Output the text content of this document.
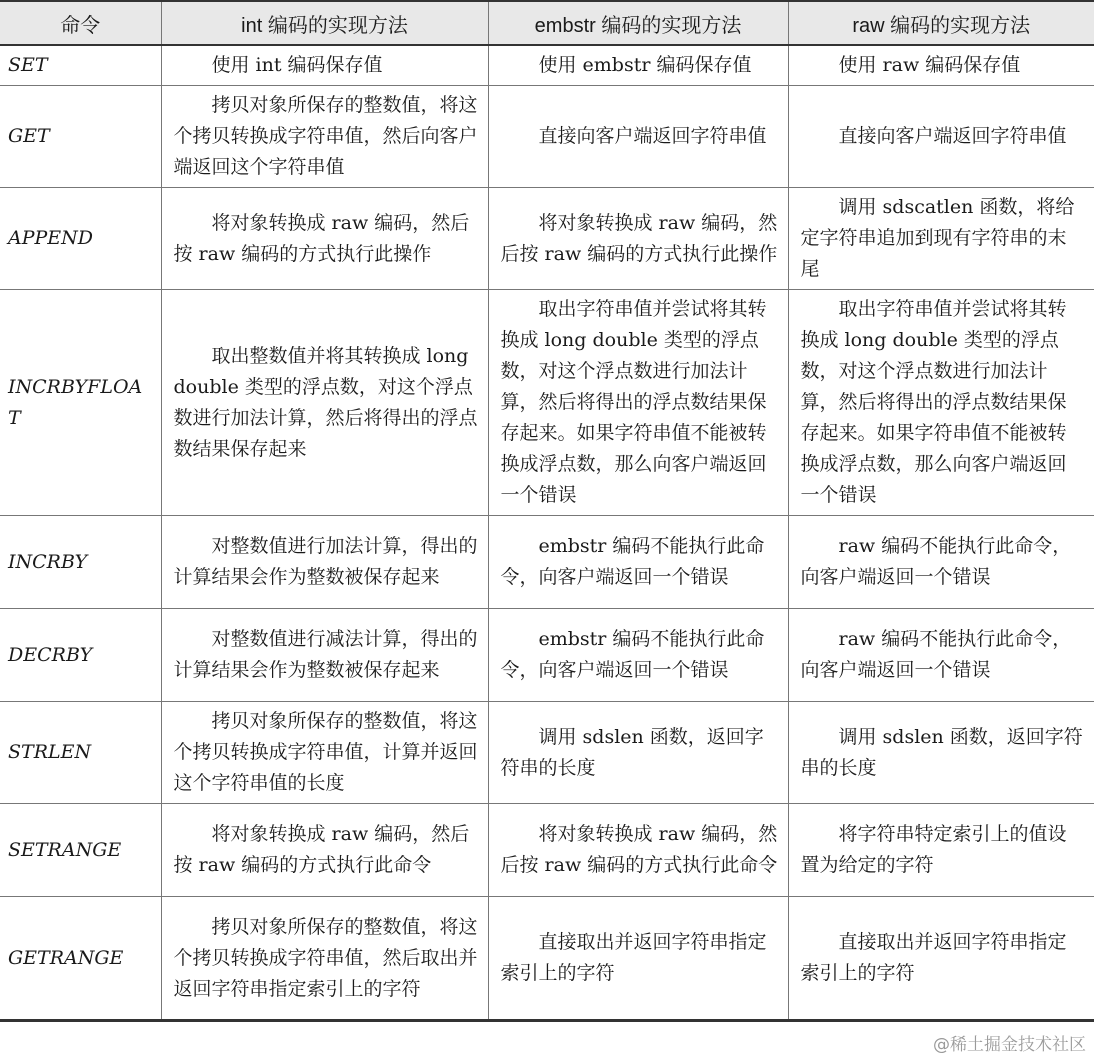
命令	int 编码的实现方法	embstr 编码的实现方法	raw 编码的实现方法
SET	使用 int 编码保存值	使用 embstr 编码保存值	使用 raw 编码保存值
GET	拷贝对象所保存的整数值，将这个拷贝转换成字符串值，然后向客户端返回这个字符串值	直接向客户端返回字符串值	直接向客户端返回字符串值
APPEND	将对象转换成 raw 编码，然后按 raw 编码的方式执行此操作	将对象转换成 raw 编码，然后按 raw 编码的方式执行此操作	调用 sdscatlen 函数，将给定字符串追加到现有字符串的末尾
INCRBYFLOAT	取出整数值并将其转换成 long double 类型的浮点数，对这个浮点数进行加法计算，然后将得出的浮点数结果保存起来	取出字符串值并尝试将其转换成 long double 类型的浮点数，对这个浮点数进行加法计算，然后将得出的浮点数结果保存起来。如果字符串值不能被转换成浮点数，那么向客户端返回一个错误	取出字符串值并尝试将其转换成 long double 类型的浮点数，对这个浮点数进行加法计算，然后将得出的浮点数结果保存起来。如果字符串值不能被转换成浮点数，那么向客户端返回一个错误
INCRBY	对整数值进行加法计算，得出的计算结果会作为整数被保存起来	embstr 编码不能执行此命令，向客户端返回一个错误	raw 编码不能执行此命令，向客户端返回一个错误
DECRBY	对整数值进行减法计算，得出的计算结果会作为整数被保存起来	embstr 编码不能执行此命令，向客户端返回一个错误	raw 编码不能执行此命令，向客户端返回一个错误
STRLEN	拷贝对象所保存的整数值，将这个拷贝转换成字符串值，计算并返回这个字符串值的长度	调用 sdslen 函数，返回字符串的长度	调用 sdslen 函数，返回字符串的长度
SETRANGE	将对象转换成 raw 编码，然后按 raw 编码的方式执行此命令	将对象转换成 raw 编码，然后按 raw 编码的方式执行此命令	将字符串特定索引上的值设置为给定的字符
GETRANGE	拷贝对象所保存的整数值，将这个拷贝转换成字符串值，然后取出并返回字符串指定索引上的字符	直接取出并返回字符串指定索引上的字符	直接取出并返回字符串指定索引上的字符
@稀土掘金技术社区
